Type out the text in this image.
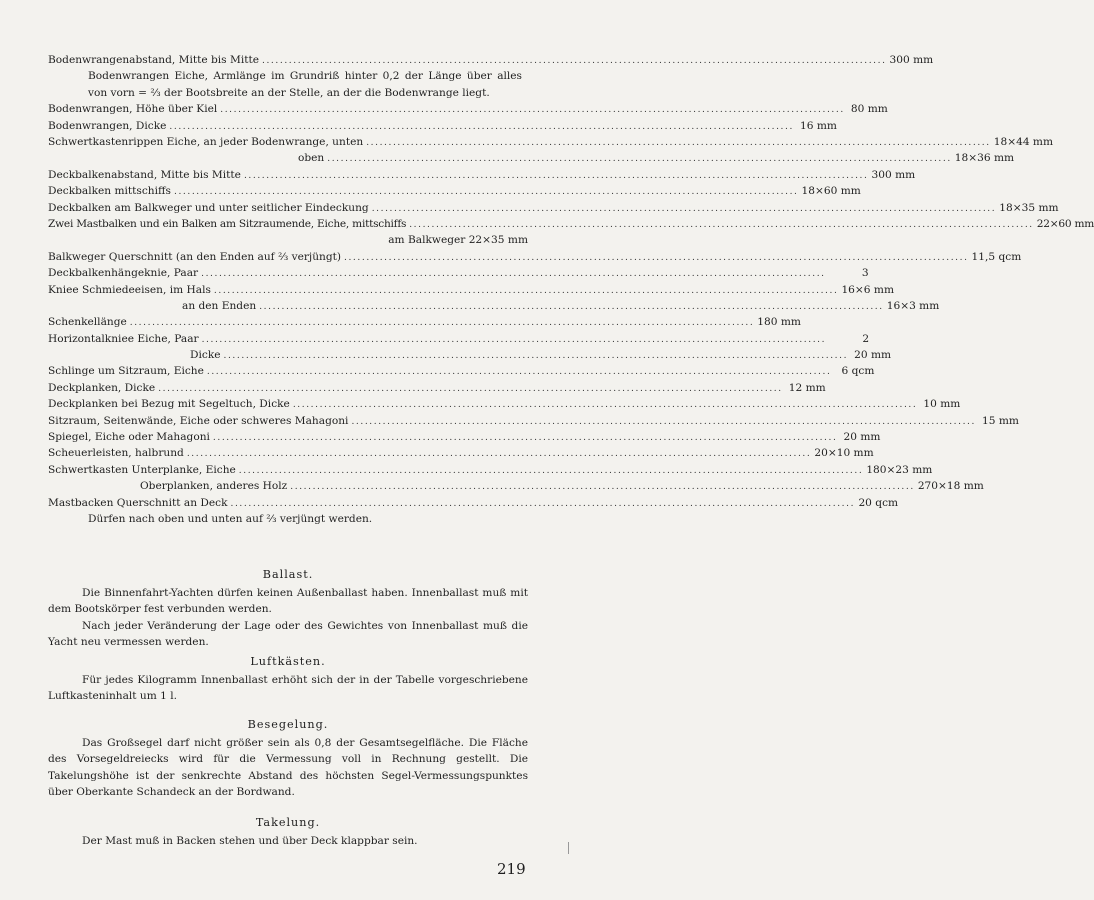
Bodenwrangenabstand, Mitte bis Mitte ............................................................................................................................................ 300 mm
Bodenwrangen Eiche, Armlänge im Grundriß hinter 0,2 der Länge über alles von vorn = ⅔ der Bootsbreite an der Stelle, an der die Bodenwrange liegt.
Bodenwrangen, Höhe über Kiel ............................................................................................................................................ 80 mm
Bodenwrangen, Dicke ............................................................................................................................................ 16 mm
Schwertkastenrippen Eiche, an jeder Bodenwrange, unten ............................................................................................................................................ 18×44 mm
oben ............................................................................................................................................ 18×36 mm
Deckbalkenabstand, Mitte bis Mitte ............................................................................................................................................ 300 mm
Deckbalken mittschiffs ............................................................................................................................................ 18×60 mm
Deckbalken am Balkweger und unter seitlicher Eindeckung ............................................................................................................................................ 18×35 mm
Zwei Mastbalken und ein Balken am Sitzraumende, Eiche, mittschiffs ............................................................................................................................................ 22×60 mm
am Balkweger 22×35 mm
Balkweger Querschnitt (an den Enden auf ⅔ verjüngt) ............................................................................................................................................ 11,5 qcm
Deckbalkenhängeknie, Paar ............................................................................................................................................	3
Kniee Schmiedeeisen, im Hals ............................................................................................................................................ 16×6 mm
an den Enden ............................................................................................................................................ 16×3 mm
Schenkellänge ............................................................................................................................................ 180 mm
Horizontalkniee Eiche, Paar ............................................................................................................................................	2
Dicke ............................................................................................................................................ 20 mm
Schlinge um Sitzraum, Eiche ............................................................................................................................................ 6 qcm
Deckplanken, Dicke ............................................................................................................................................ 12 mm
Deckplanken bei Bezug mit Segeltuch, Dicke ............................................................................................................................................ 10 mm
Sitzraum, Seitenwände, Eiche oder schweres Mahagoni ............................................................................................................................................ 15 mm
Spiegel, Eiche oder Mahagoni ............................................................................................................................................ 20 mm
Scheuerleisten, halbrund ............................................................................................................................................ 20×10 mm
Schwertkasten Unterplanke, Eiche ............................................................................................................................................ 180×23 mm
Oberplanken, anderes Holz ............................................................................................................................................ 270×18 mm
Mastbacken Querschnitt an Deck ............................................................................................................................................ 20 qcm
Dürfen nach oben und unten auf ⅔ verjüngt werden.
Ballast.

Die Binnenfahrt-Yachten dürfen keinen Außenballast haben. Innenballast muß mit dem Bootskörper fest verbunden werden.

Nach jeder Veränderung der Lage oder des Gewichtes von Innenballast muß die Yacht neu vermessen werden.

Luftkästen.

Für jedes Kilogramm Innenballast erhöht sich der in der Tabelle vorgeschriebene Luftkasteninhalt um 1 l.

Besegelung.

Das Großsegel darf nicht größer sein als 0,8 der Gesamtsegelfläche. Die Fläche des Vorsegeldreiecks wird für die Vermessung voll in Rechnung gestellt. Die Takelungshöhe ist der senkrechte Abstand des höchsten Segel-Vermessungspunktes über Oberkante Schandeck an der Bordwand.

Takelung.

Der Mast muß in Backen stehen und über Deck klappbar sein.

219
